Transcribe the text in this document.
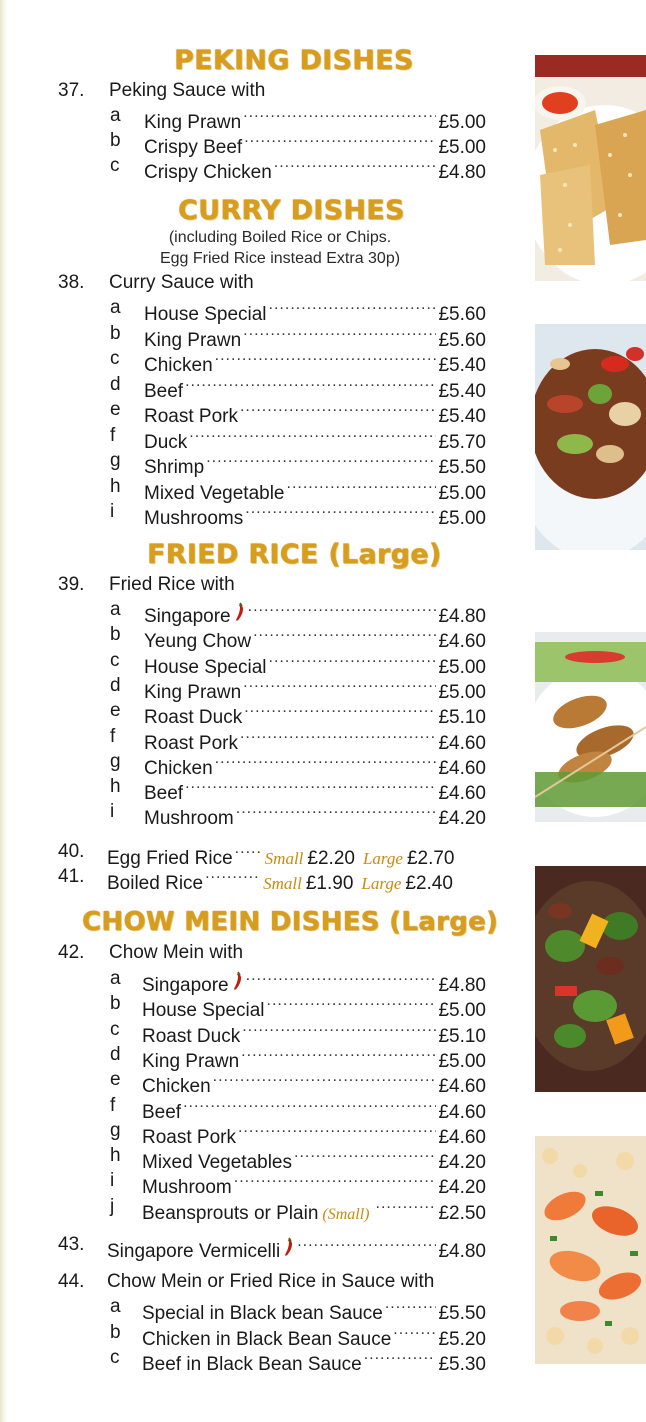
PEKING DISHES
37. Peking Sauce with
a King Prawn .....	£5.00
b Crispy Beef .....	£5.00
c Crispy Chicken .....	£4.80
CURRY DISHES
(including Boiled Rice or Chips.
Egg Fried Rice instead Extra 30p)
38. Curry Sauce with
a House Special .....	£5.60
b King Prawn .....	£5.60
c Chicken .....	£5.40
d Beef .....	£5.40
e Roast Pork .....	£5.40
f Duck .....	£5.70
g Shrimp .....	£5.50
h Mixed Vegetable .....	£5.00
i Mushrooms .....	£5.00
FRIED RICE (Large)
39. Fried Rice with
a Singapore .....	£4.80
b Yeung Chow .....	£4.60
c House Special .....	£5.00
d King Prawn .....	£5.00
e Roast Duck .....	£5.10
f Roast Pork .....	£4.60
g Chicken .....	£4.60
h Beef .....	£4.60
i Mushroom .....	£4.20
40. Egg Fried Rice ..... Small £2.20 Large £2.70
41. Boiled Rice .....	Small £1.90 Large £2.40
CHOW MEIN DISHES (Large)
42. Chow Mein with
a Singapore .....	£4.80
b House Special .....	£5.00
c Roast Duck .....	£5.10
d King Prawn .....	£5.00
e Chicken .....	£4.60
f Beef .....	£4.60
g Roast Pork .....	£4.60
h Mixed Vegetables .....	£4.20
i Mushroom .....	£4.20
j Beansprouts or Plain (Small) .....	£2.50
43. Singapore Vermicelli .....	£4.80
44. Chow Mein or Fried Rice in Sauce with
a Special in Black bean Sauce .....	£5.50
b Chicken in Black Bean Sauce ..... £5.20
c Beef in Black Bean Sauce .....	£5.30
